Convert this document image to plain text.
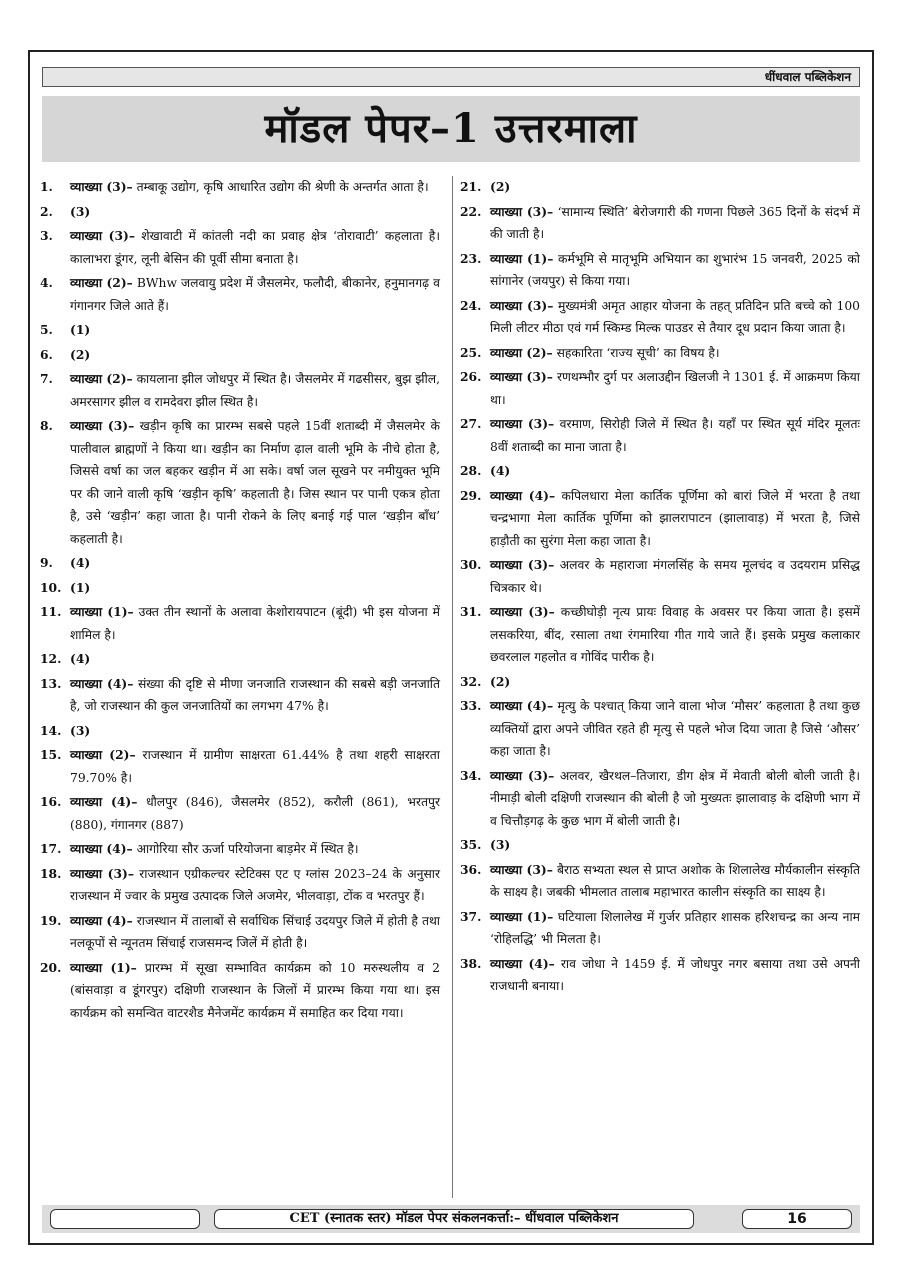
धींधवाल पब्लिकेशन
मॉडल पेपर–1 उत्तरमाला
1.	व्याख्या (3)– तम्बाकू उद्योग, कृषि आधारित उद्योग की श्रेणी के अन्तर्गत आता है।
2.	(3)
3.	व्याख्या (3)– शेखावाटी में कांतली नदी का प्रवाह क्षेत्र ‘तोरावाटी’ कहलाता है। कालाभरा डूंगर, लूनी बेसिन की पूर्वी सीमा बनाता है।
4.	व्याख्या (2)– BWhw जलवायु प्रदेश में जैसलमेर, फलौदी, बीकानेर, हनुमानगढ़ व गंगानगर जिले आते हैं।
5.	(1)
6.	(2)
7.	व्याख्या (2)– कायलाना झील जोधपुर में स्थित है। जैसलमेर में गढसीसर, बुझ झील, अमरसागर झील व रामदेवरा झील स्थित है।
8.	व्याख्या (3)– खड़ीन कृषि का प्रारम्भ सबसे पहले 15वीं शताब्दी में जैसलमेर के पालीवाल ब्राह्मणों ने किया था। खड़ीन का निर्माण ढ़ाल वाली भूमि के नीचे होता है, जिससे वर्षा का जल बहकर खड़ीन में आ सके। वर्षा जल सूखने पर नमीयुक्त भूमि पर की जाने वाली कृषि ‘खड़ीन कृषि’ कहलाती है। जिस स्थान पर पानी एकत्र होता है, उसे ‘खड़ीन’ कहा जाता है। पानी रोकने के लिए बनाई गई पाल ‘खड़ीन बाँध’ कहलाती है।
9.	(4)
10. (1)
11. व्याख्या (1)– उक्त तीन स्थानों के अलावा केशोरायपाटन (बूंदी) भी इस योजना में शामिल है।
12. (4)
13. व्याख्या (4)– संख्या की दृष्टि से मीणा जनजाति राजस्थान की सबसे बड़ी जनजाति है, जो राजस्थान की कुल जनजातियों का लगभग 47% है।
14. (3)
15. व्याख्या (2)– राजस्थान में ग्रामीण साक्षरता 61.44% है तथा शहरी साक्षरता 79.70% है।
16. व्याख्या (4)– धौलपुर (846), जैसलमेर (852), करौली (861), भरतपुर (880), गंगानगर (887)
17. व्याख्या (4)– आगोरिया सौर ऊर्जा परियोजना बाड़मेर में स्थित है।
18. व्याख्या (3)– राजस्थान एग्रीकल्चर स्टेटिक्स एट ए ग्लांस 2023–24 के अनुसार राजस्थान में ज्वार के प्रमुख उत्पादक जिले अजमेर, भीलवाड़ा, टोंक व भरतपुर हैं।
19. व्याख्या (4)– राजस्थान में तालाबों से सर्वाधिक सिंचाई उदयपुर जिले में होती है तथा नलकूपों से न्यूनतम सिंचाई राजसमन्द जिलें में होती है।
20. व्याख्या (1)– प्रारम्भ में सूखा सम्भावित कार्यक्रम को 10 मरुस्थलीय व 2 (बांसवाड़ा व डूंगरपुर) दक्षिणी राजस्थान के जिलों में प्रारम्भ किया गया था। इस कार्यक्रम को समन्वित वाटरशैड मैनेजमेंट कार्यक्रम में समाहित कर दिया गया।
21. (2)
22. व्याख्या (3)– ‘सामान्य स्थिति’ बेरोजगारी की गणना पिछले 365 दिनों के संदर्भ में की जाती है।
23. व्याख्या (1)– कर्मभूमि से मातृभूमि अभियान का शुभारंभ 15 जनवरी, 2025 को सांगानेर (जयपुर) से किया गया।
24. व्याख्या (3)– मुख्यमंत्री अमृत आहार योजना के तहत् प्रतिदिन प्रति बच्चे को 100 मिली लीटर मीठा एवं गर्म स्किम्ड मिल्क पाउडर से तैयार दूध प्रदान किया जाता है।
25. व्याख्या (2)– सहकारिता ‘राज्य सूची’ का विषय है।
26. व्याख्या (3)– रणथम्भौर दुर्ग पर अलाउद्दीन खिलजी ने 1301 ई. में आक्रमण किया था।
27. व्याख्या (3)– वरमाण, सिरोही जिले में स्थित है। यहाँ पर स्थित सूर्य मंदिर मूलतः 8वीं शताब्दी का माना जाता है।
28. (4)
29. व्याख्या (4)– कपिलधारा मेला कार्तिक पूर्णिमा को बारां जिले में भरता है तथा चन्द्रभागा मेला कार्तिक पूर्णिमा को झालरापाटन (झालावाड़) में भरता है, जिसे हाड़ौती का सुरंगा मेला कहा जाता है।
30. व्याख्या (3)– अलवर के महाराजा मंगलसिंह के समय मूलचंद व उदयराम प्रसिद्ध चित्रकार थे।
31. व्याख्या (3)– कच्छीघोड़ी नृत्य प्रायः विवाह के अवसर पर किया जाता है। इसमें लसकरिया, बींद, रसाला तथा रंगमारिया गीत गाये जाते हैं। इसके प्रमुख कलाकार छवरलाल गहलोत व गोविंद पारीक है।
32. (2)
33. व्याख्या (4)– मृत्यु के पश्चात् किया जाने वाला भोज ‘मौसर’ कहलाता है तथा कुछ व्यक्तियों द्वारा अपने जीवित रहते ही मृत्यु से पहले भोज दिया जाता है जिसे ‘औसर’ कहा जाता है।
34. व्याख्या (3)– अलवर, खैरथल–तिजारा, डीग क्षेत्र में मेवाती बोली बोली जाती है। नीमाड़ी बोली दक्षिणी राजस्थान की बोली है जो मुख्यतः झालावाड़ के दक्षिणी भाग में व चित्तौड़गढ़ के कुछ भाग में बोली जाती है।
35. (3)
36. व्याख्या (3)– बैराठ सभ्यता स्थल से प्राप्त अशोक के शिलालेख मौर्यकालीन संस्कृति के साक्ष्य है। जबकी भीमलात तालाब महाभारत कालीन संस्कृति का साक्ष्य है।
37. व्याख्या (1)– घटियाला शिलालेख में गुर्जर प्रतिहार शासक हरिशचन्द्र का अन्य नाम ‘रोहिलद्धि’ भी मिलता है।
38. व्याख्या (4)– राव जोधा ने 1459 ई. में जोधपुर नगर बसाया तथा उसे अपनी राजधानी बनाया।
CET (स्नातक स्तर) मॉडल पेपर संकलनकर्त्ता:– धींधवाल पब्लिकेशन	16
